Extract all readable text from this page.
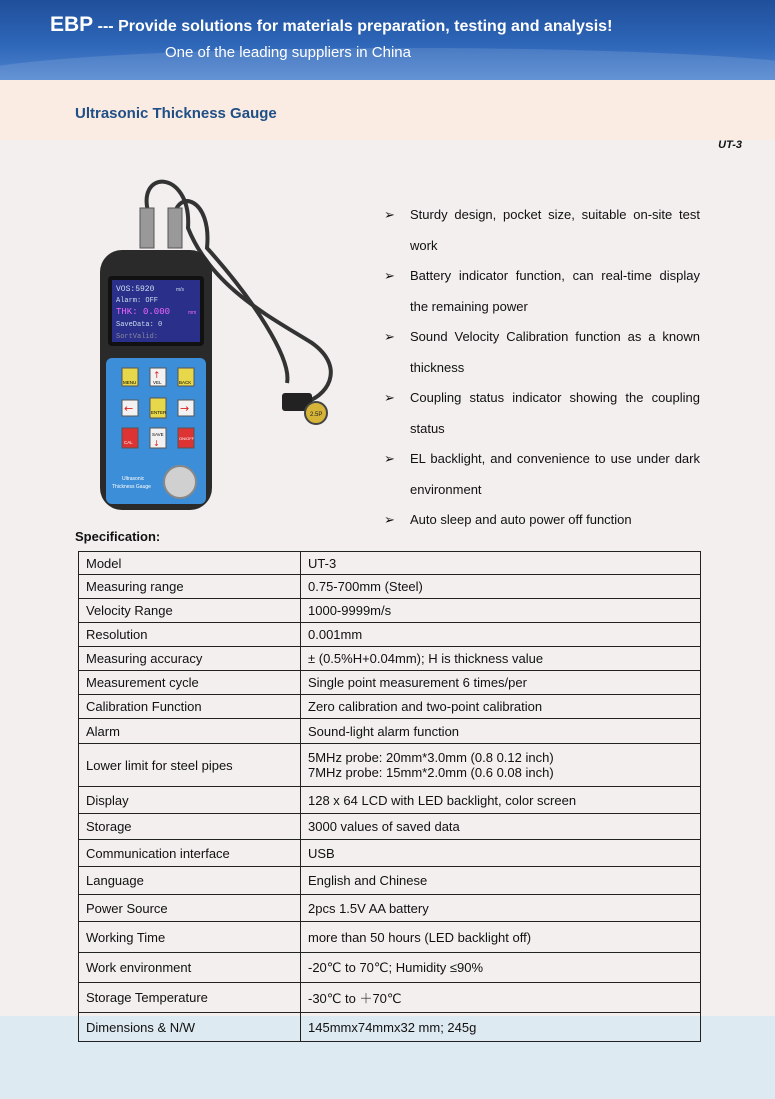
EBP --- Provide solutions for materials preparation, testing and analysis!
One of the leading suppliers in China
Ultrasonic Thickness Gauge
UT-3
2.5P
VOS:5920	m/s
Alarm: OFF
THK: 0.000	mm
SaveData: 0
SortValid:
MENU
↑
VEL	BACK
←	ENTER →
CAL
SAVE
↓
ON/OFF
Ultrasonic
Thickness Gauge
➢ Sturdy design, pocket size, suitable on-site test work
➢ Battery indicator function, can real-time display the remaining power
➢ Sound Velocity Calibration function as a known thickness
➢ Coupling status indicator showing the coupling status
➢ EL backlight, and convenience to use under dark environment
➢ Auto sleep and auto power off function
Specification:
Model	UT-3
Measuring range	0.75-700mm (Steel)
Velocity Range	1000-9999m/s
Resolution	0.001mm
Measuring accuracy	± (0.5%H+0.04mm); H is thickness value
Measurement cycle	Single point measurement 6 times/per
Calibration Function	Zero calibration and two-point calibration
Alarm	Sound-light alarm function
Lower limit for steel pipes	5MHz probe: 20mm*3.0mm (0.8 0.12 inch)
7MHz probe: 15mm*2.0mm (0.6 0.08 inch)

Display	128 x 64 LCD with LED backlight, color screen
Storage	3000 values of saved data
Communication interface	USB
Language	English and Chinese
Power Source	2pcs 1.5V AA battery
Working Time	more than 50 hours (LED backlight off)
Work environment	-20℃ to 70℃; Humidity ≤90%
Storage Temperature	-30℃ to ＋70℃
Dimensions & N/W	145mmx74mmx32 mm; 245g
